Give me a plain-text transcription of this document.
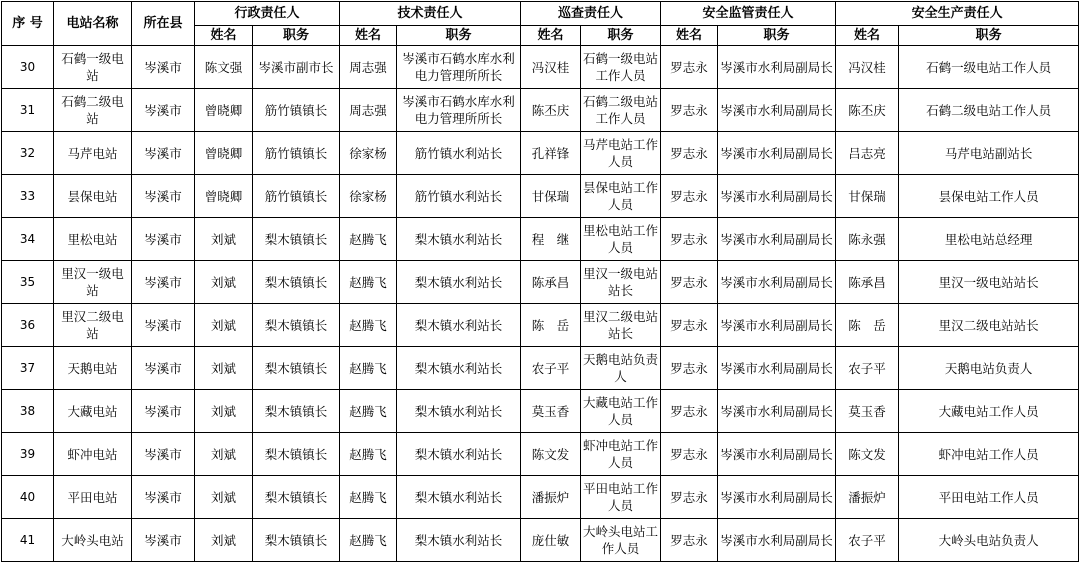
序 号	电站名称	所在县	行政责任人		技术责任人		巡查责任人		安全监管责任人		安全生产责任人	
			姓名	职务	姓名	职务	姓名	职务	姓名	职务	姓名	职务
30	石鹤一级电站	岑溪市	陈文强	岑溪市副市长	周志强	岑溪市石鹤水库水利电力管理所所长	冯汉桂	石鹤一级电站工作人员	罗志永	岑溪市水利局副局长	冯汉桂	石鹤一级电站工作人员
31	石鹤二级电站	岑溪市	曾晓卿	筋竹镇镇长	周志强	岑溪市石鹤水库水利电力管理所所长	陈丕庆	石鹤二级电站工作人员	罗志永	岑溪市水利局副局长	陈丕庆	石鹤二级电站工作人员
32	马芹电站	岑溪市	曾晓卿	筋竹镇镇长	徐家杨	筋竹镇水利站长	孔祥锋	马芹电站工作人员	罗志永	岑溪市水利局副局长	吕志亮	马芹电站副站长
33	昙保电站	岑溪市	曾晓卿	筋竹镇镇长	徐家杨	筋竹镇水利站长	甘保瑞	昙保电站工作人员	罗志永	岑溪市水利局副局长	甘保瑞	昙保电站工作人员
34	里松电站	岑溪市	刘斌	梨木镇镇长	赵腾飞	梨木镇水利站长	程　继	里松电站工作人员	罗志永	岑溪市水利局副局长	陈永强	里松电站总经理
35	里汉一级电站	岑溪市	刘斌	梨木镇镇长	赵腾飞	梨木镇水利站长	陈承昌	里汉一级电站站长	罗志永	岑溪市水利局副局长	陈承昌	里汉一级电站站长
36	里汉二级电站	岑溪市	刘斌	梨木镇镇长	赵腾飞	梨木镇水利站长	陈　岳	里汉二级电站站长	罗志永	岑溪市水利局副局长	陈　岳	里汉二级电站站长
37	天鹅电站	岑溪市	刘斌	梨木镇镇长	赵腾飞	梨木镇水利站长	农子平	天鹅电站负责人	罗志永	岑溪市水利局副局长	农子平	天鹅电站负责人
38	大藏电站	岑溪市	刘斌	梨木镇镇长	赵腾飞	梨木镇水利站长	莫玉香	大藏电站工作人员	罗志永	岑溪市水利局副局长	莫玉香	大藏电站工作人员
39	虾冲电站	岑溪市	刘斌	梨木镇镇长	赵腾飞	梨木镇水利站长	陈文发	虾冲电站工作人员	罗志永	岑溪市水利局副局长	陈文发	虾冲电站工作人员
40	平田电站	岑溪市	刘斌	梨木镇镇长	赵腾飞	梨木镇水利站长	潘振炉	平田电站工作人员	罗志永	岑溪市水利局副局长	潘振炉	平田电站工作人员
41	大岭头电站	岑溪市	刘斌	梨木镇镇长	赵腾飞	梨木镇水利站长	庞仕敏	大岭头电站工作人员	罗志永	岑溪市水利局副局长	农子平	大岭头电站负责人
